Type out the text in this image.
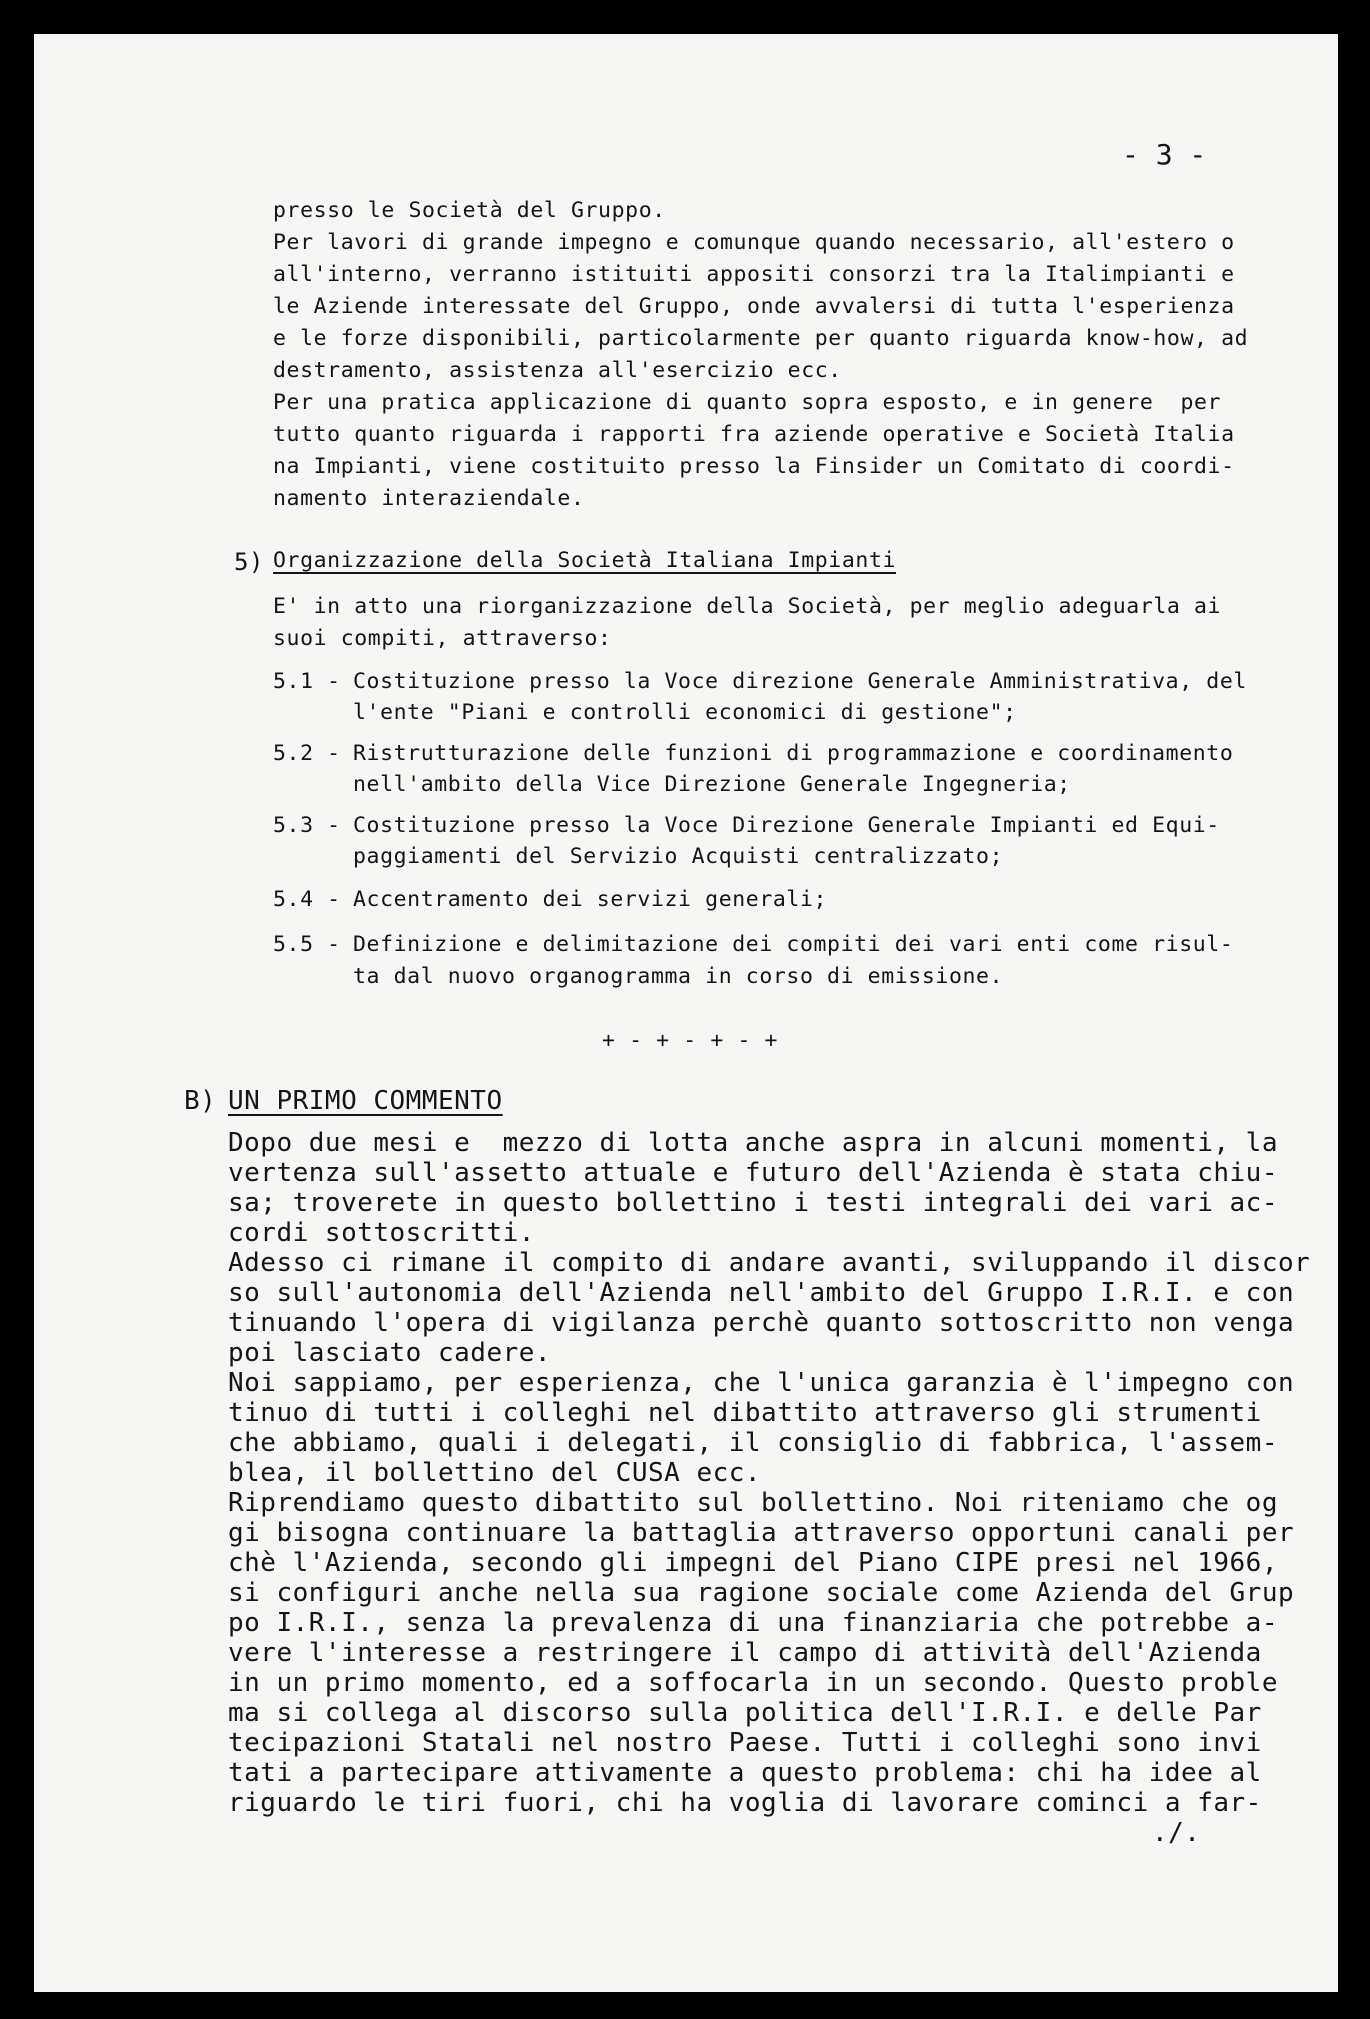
- 3 -
presso le Società del Gruppo.
Per lavori di grande impegno e comunque quando necessario, all'estero o
all'interno, verranno istituiti appositi consorzi tra la Italimpianti e
le Aziende interessate del Gruppo, onde avvalersi di tutta l'esperienza
e le forze disponibili, particolarmente per quanto riguarda know-how, ad
destramento, assistenza all'esercizio ecc.
Per una pratica applicazione di quanto sopra esposto, e in genere  per
tutto quanto riguarda i rapporti fra aziende operative e Società Italia
na Impianti, viene costituito presso la Finsider un Comitato di coordi-
namento interaziendale.
5) Organizzazione della Società Italiana Impianti
E' in atto una riorganizzazione della Società, per meglio adeguarla ai
suoi compiti, attraverso:
5.1 - Costituzione presso la Voce direzione Generale Amministrativa, del
l'ente "Piani e controlli economici di gestione";
5.2 - Ristrutturazione delle funzioni di programmazione e coordinamento
nell'ambito della Vice Direzione Generale Ingegneria;
5.3 - Costituzione presso la Voce Direzione Generale Impianti ed Equi-
paggiamenti del Servizio Acquisti centralizzato;
5.4 - Accentramento dei servizi generali;
5.5 - Definizione e delimitazione dei compiti dei vari enti come risul-
ta dal nuovo organogramma in corso di emissione.
+ - + - + - +
B) UN PRIMO COMMENTO
Dopo due mesi e  mezzo di lotta anche aspra in alcuni momenti, la
vertenza sull'assetto attuale e futuro dell'Azienda è stata chiu-
sa; troverete in questo bollettino i testi integrali dei vari ac-
cordi sottoscritti.
Adesso ci rimane il compito di andare avanti, sviluppando il discor
so sull'autonomia dell'Azienda nell'ambito del Gruppo I.R.I. e con
tinuando l'opera di vigilanza perchè quanto sottoscritto non venga
poi lasciato cadere.
Noi sappiamo, per esperienza, che l'unica garanzia è l'impegno con
tinuo di tutti i colleghi nel dibattito attraverso gli strumenti
che abbiamo, quali i delegati, il consiglio di fabbrica, l'assem-
blea, il bollettino del CUSA ecc.
Riprendiamo questo dibattito sul bollettino. Noi riteniamo che og
gi bisogna continuare la battaglia attraverso opportuni canali per
chè l'Azienda, secondo gli impegni del Piano CIPE presi nel 1966,
si configuri anche nella sua ragione sociale come Azienda del Grup
po I.R.I., senza la prevalenza di una finanziaria che potrebbe a-
vere l'interesse a restringere il campo di attività dell'Azienda
in un primo momento, ed a soffocarla in un secondo. Questo proble
ma si collega al discorso sulla politica dell'I.R.I. e delle Par
tecipazioni Statali nel nostro Paese. Tutti i colleghi sono invi
tati a partecipare attivamente a questo problema: chi ha idee al
riguardo le tiri fuori, chi ha voglia di lavorare cominci a far-
./.
